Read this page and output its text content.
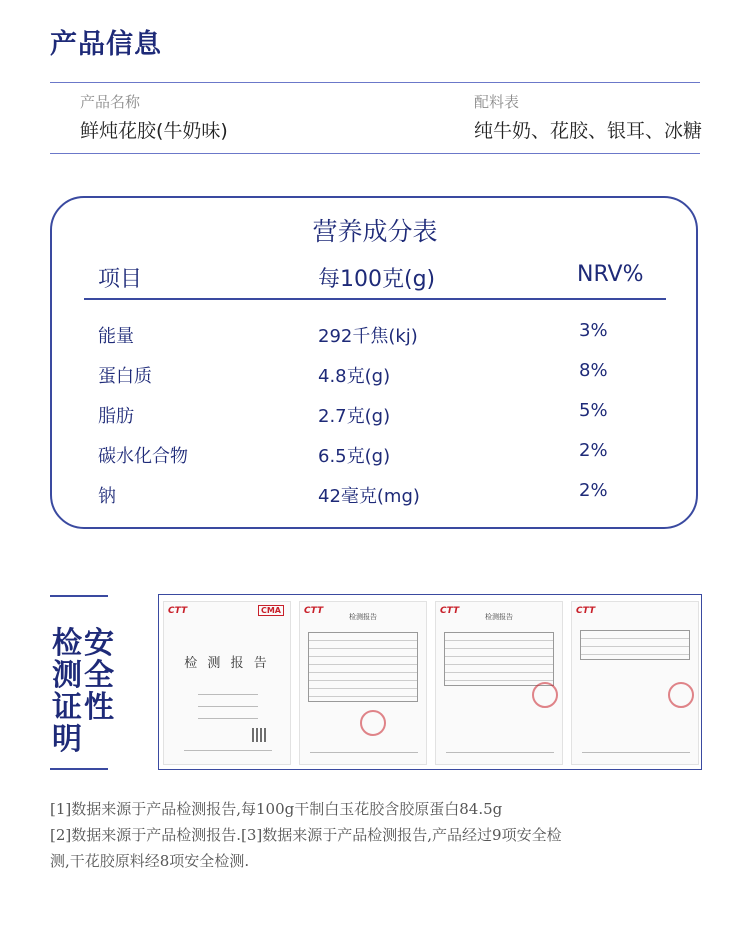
产品信息
产品名称
鲜炖花胶(牛奶味)
配料表
纯牛奶、花胶、银耳、冰糖
营养成分表
项目	每100克(g)	NRV%
能量	292千焦(kj)	3%
蛋白质	4.8克(g)	8%
脂肪	2.7克(g)	5%
碳水化合物	6.5克(g)	2%
钠	42毫克(mg)	2%
检
测
证
明
安
全
性
CTT	CMA
检 测 报 告
CTT
检测报告
CTT
检测报告
CTT
[1]数据来源于产品检测报告,每100g干制白玉花胶含胶原蛋白84.5g
[2]数据来源于产品检测报告.[3]数据来源于产品检测报告,产品经过9项安全检
测,干花胶原料经8项安全检测.
